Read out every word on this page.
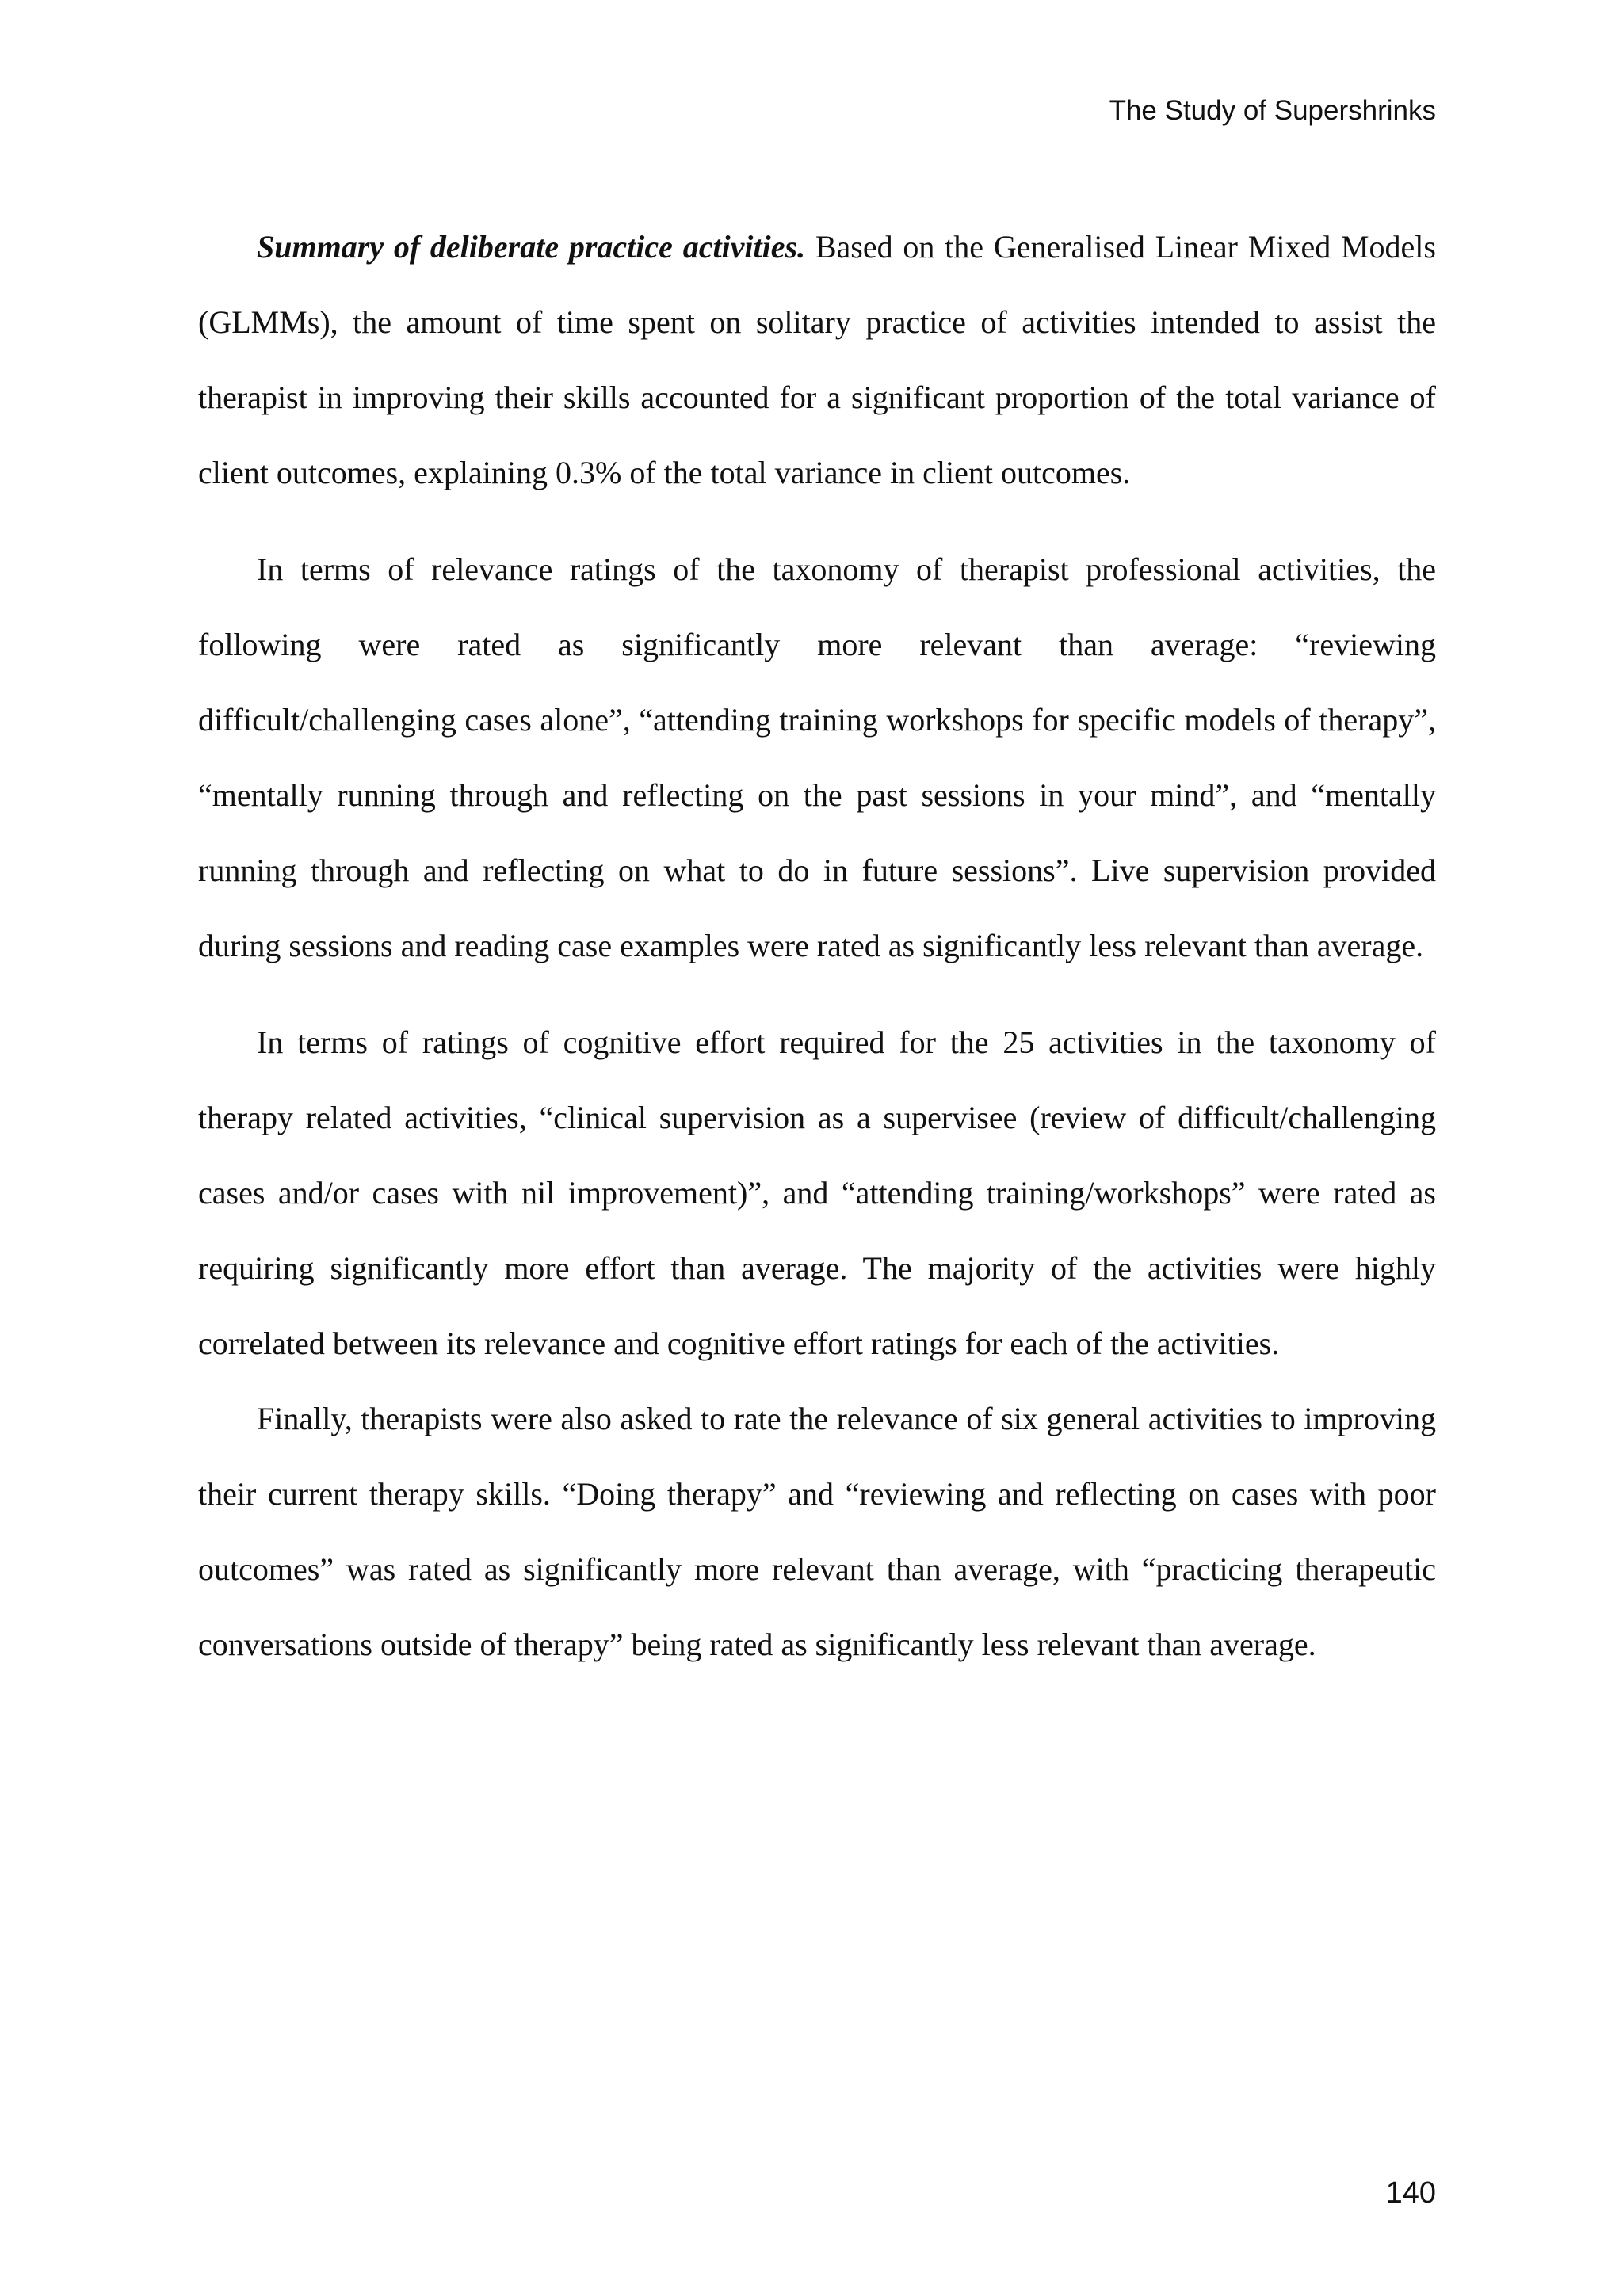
The Study of Supershrinks

Summary of deliberate practice activities. Based on the Generalised Linear Mixed Models (GLMMs), the amount of time spent on solitary practice of activities intended to assist the therapist in improving their skills accounted for a significant proportion of the total variance of client outcomes, explaining 0.3% of the total variance in client outcomes.

In terms of relevance ratings of the taxonomy of therapist professional activities, the following were rated as significantly more relevant than average: “reviewing difficult/challenging cases alone”, “attending training workshops for specific models of therapy”, “mentally running through and reflecting on the past sessions in your mind”, and “mentally running through and reflecting on what to do in future sessions”. Live supervision provided during sessions and reading case examples were rated as significantly less relevant than average.

In terms of ratings of cognitive effort required for the 25 activities in the taxonomy of therapy related activities, “clinical supervision as a supervisee (review of difficult/challenging cases and/or cases with nil improvement)”, and “attending training/workshops” were rated as requiring significantly more effort than average. The majority of the activities were highly correlated between its relevance and cognitive effort ratings for each of the activities.

Finally, therapists were also asked to rate the relevance of six general activities to improving their current therapy skills. “Doing therapy” and “reviewing and reflecting on cases with poor outcomes” was rated as significantly more relevant than average, with “practicing therapeutic conversations outside of therapy” being rated as significantly less relevant than average.

140
